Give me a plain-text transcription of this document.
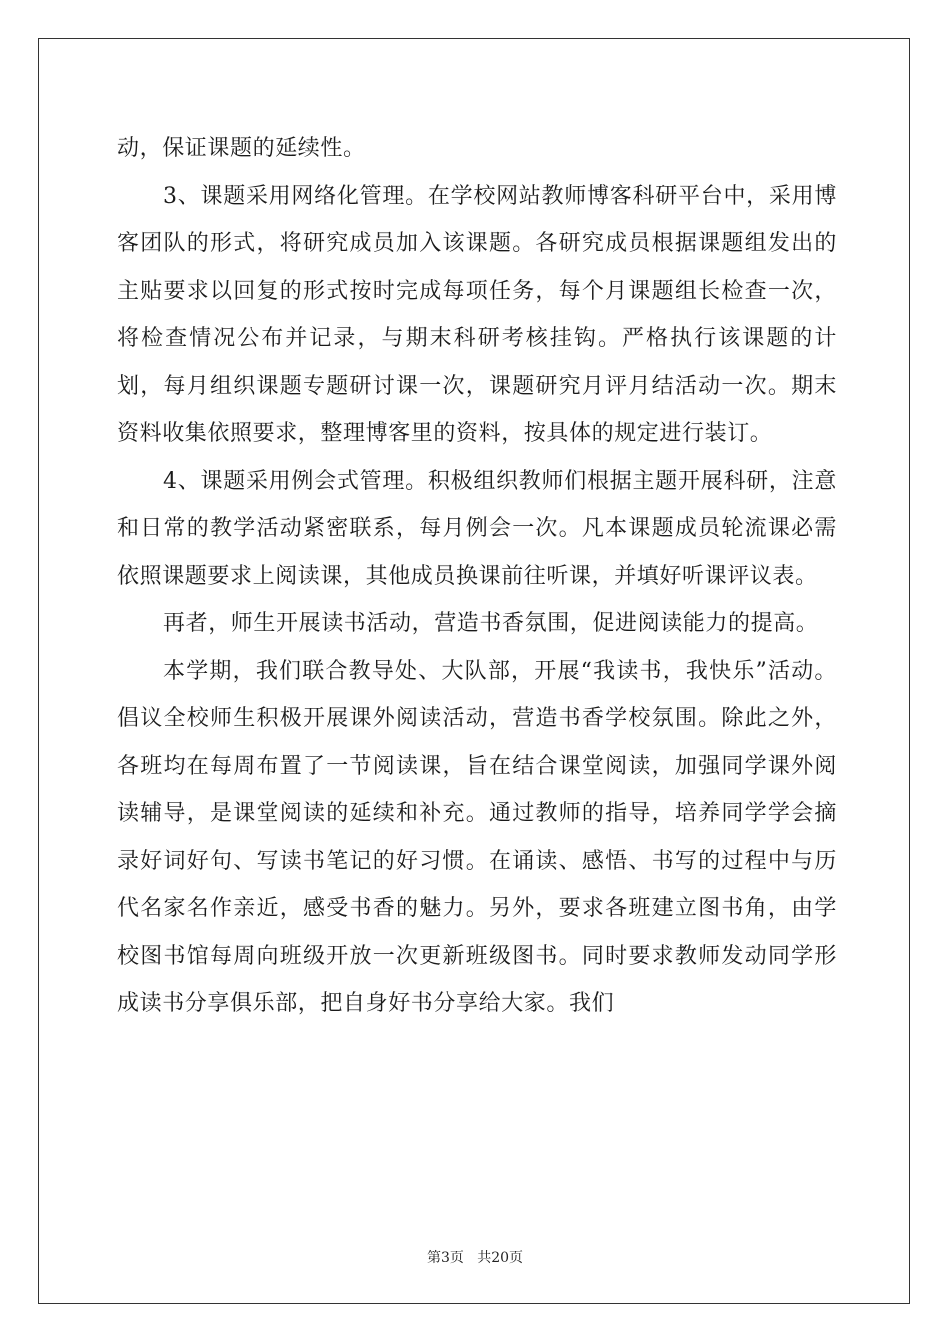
动，保证课题的延续性。

3、课题采用网络化管理。在学校网站教师博客科研平台中，采用博客团队的形式，将研究成员加入该课题。各研究成员根据课题组发出的主贴要求以回复的形式按时完成每项任务，每个月课题组长检查一次，将检查情况公布并记录，与期末科研考核挂钩。严格执行该课题的计划，每月组织课题专题研讨课一次，课题研究月评月结活动一次。期末资料收集依照要求，整理博客里的资料，按具体的规定进行装订。

4、课题采用例会式管理。积极组织教师们根据主题开展科研，注意和日常的教学活动紧密联系，每月例会一次。凡本课题成员轮流课必需依照课题要求上阅读课，其他成员换课前往听课，并填好听课评议表。

再者，师生开展读书活动，营造书香氛围，促进阅读能力的提高。

本学期，我们联合教导处、大队部，开展“我读书，我快乐”活动。倡议全校师生积极开展课外阅读活动，营造书香学校氛围。除此之外，各班均在每周布置了一节阅读课，旨在结合课堂阅读，加强同学课外阅读辅导，是课堂阅读的延续和补充。通过教师的指导，培养同学学会摘录好词好句、写读书笔记的好习惯。在诵读、感悟、书写的过程中与历代名家名作亲近，感受书香的魅力。另外，要求各班建立图书角，由学校图书馆每周向班级开放一次更新班级图书。同时要求教师发动同学形成读书分享俱乐部，把自身好书分享给大家。我们

第3页   共20页
